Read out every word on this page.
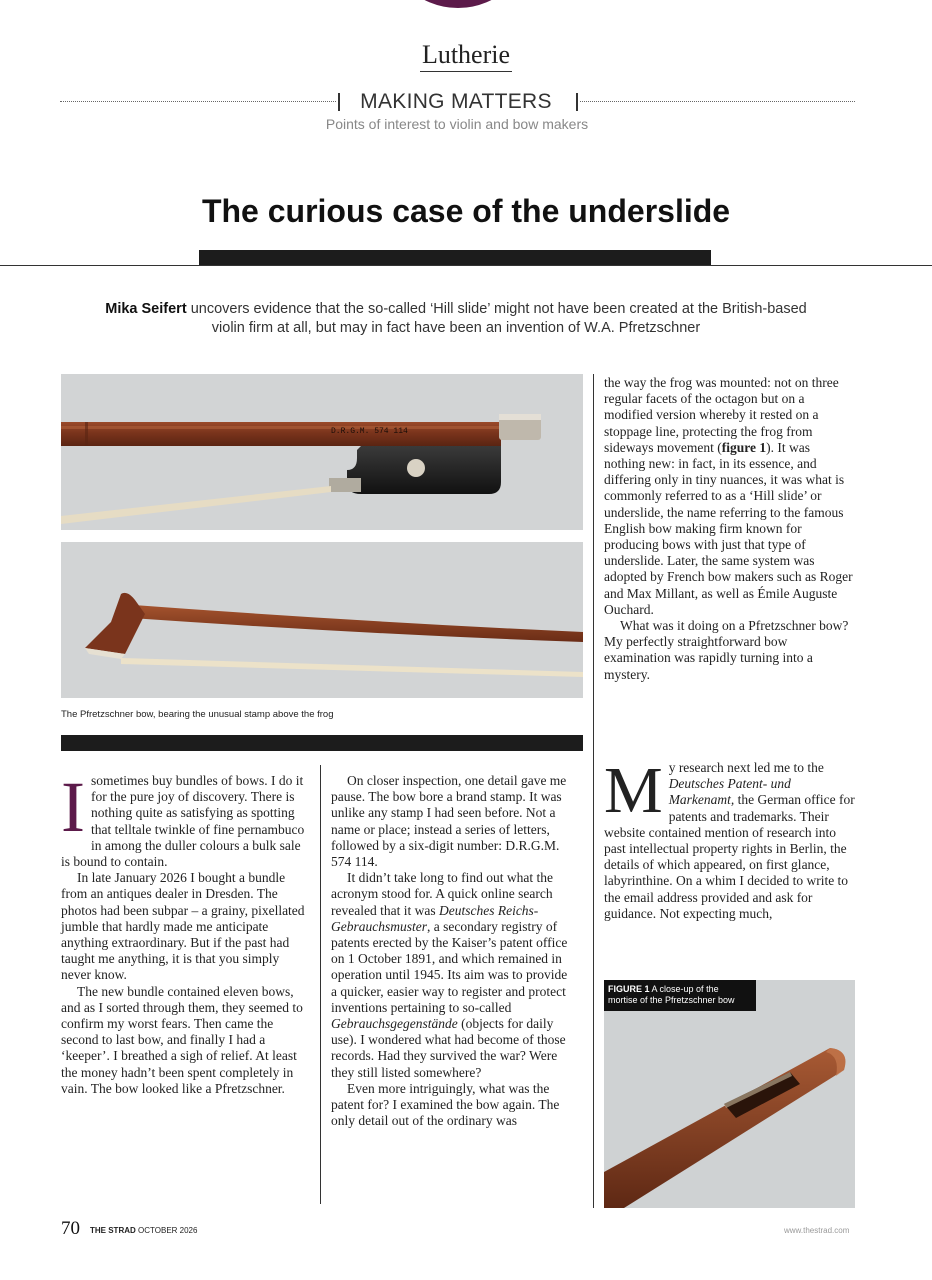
Lutherie
MAKING MATTERS
Points of interest to violin and bow makers
The curious case of the underslide
Mika Seifert uncovers evidence that the so-called ‘Hill slide’ might not have been created at the British-based violin firm at all, but may in fact have been an invention of W.A. Pfretzschner
D.R.G.M. 574 114
The Pfretzschner bow, bearing the unusual stamp above the frog

Isometimes buy bundles of bows. I do it for the pure joy of discovery. There is nothing quite as satisfying as spotting that telltale twinkle of fine pernambuco in among the duller colours a bulk sale is bound to contain.

In late January 2026 I bought a bundle from an antiques dealer in Dresden. The photos had been subpar – a grainy, pixellated jumble that hardly made me anticipate anything extraordinary. But if the past had taught me anything, it is that you simply never know.

The new bundle contained eleven bows, and as I sorted through them, they seemed to confirm my worst fears. Then came the second to last bow, and finally I had a ‘keeper’. I breathed a sigh of relief. At least the money hadn’t been spent completely in vain. The bow looked like a Pfretzschner.

On closer inspection, one detail gave me pause. The bow bore a brand stamp. It was unlike any stamp I had seen before. Not a name or place; instead a series of letters, followed by a six-digit number: D.R.G.M. 574 114.

It didn’t take long to find out what the acronym stood for. A quick online search revealed that it was Deutsches Reichs-Gebrauchsmuster, a secondary registry of patents erected by the Kaiser’s patent office on 1 October 1891, and which remained in operation until 1945. Its aim was to provide a quicker, easier way to register and protect inventions pertaining to so-called Gebrauchsgegenstände (objects for daily use). I wondered what had become of those records. Had they survived the war? Were they still listed somewhere?

Even more intriguingly, what was the patent for? I examined the bow again. The only detail out of the ordinary was

the way the frog was mounted: not on three regular facets of the octagon but on a modified version whereby it rested on a stoppage line, protecting the frog from sideways movement (figure 1). It was nothing new: in fact, in its essence, and differing only in tiny nuances, it was what is commonly referred to as a ‘Hill slide’ or underslide, the name referring to the famous English bow making firm known for producing bows with just that type of underslide. Later, the same system was adopted by French bow makers such as Roger and Max Millant, as well as Émile Auguste Ouchard.

What was it doing on a Pfretzschner bow? My perfectly straightforward bow examination was rapidly turning into a mystery.

My research next led me to the Deutsches Patent- und Markenamt, the German office for patents and trademarks. Their website contained mention of research into past intellectual property rights in Berlin, the details of which appeared, on first glance, labyrinthine. On a whim I decided to write to the email address provided and ask for guidance. Not expecting much,

FIGURE 1 A close-up of the mortise of the Pfretzschner bow
70 THE STRAD OCTOBER 2026	www.thestrad.com
